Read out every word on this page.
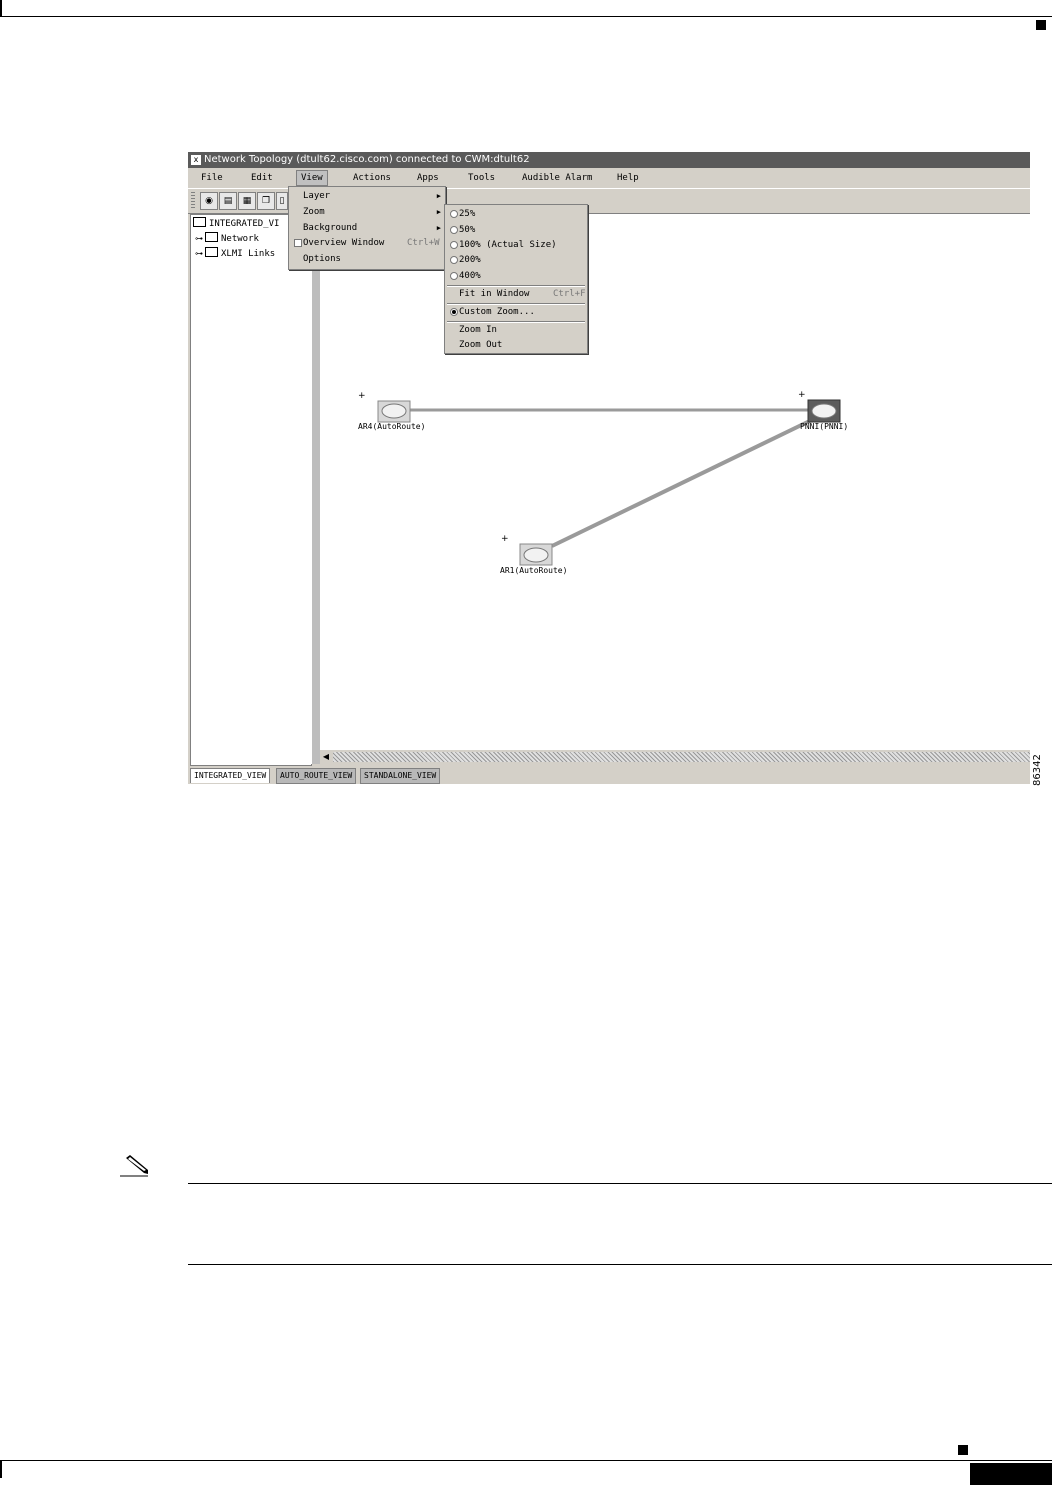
x Network Topology (dtult62.cisco.com) connected to CWM:dtult62
File	Edit	View	Actions	Apps	Tools	Audible Alarm	Help
◉	▤	▦	❐	▯
INTEGRATED_VI
⊶ Network
⊶ XLMI Links
+	+
+
AR4(AutoRoute)	PNNI(PNNI)
AR1(AutoRoute)
◀
INTEGRATED_VIEW	AUTO_ROUTE_VIEW	STANDALONE_VIEW
Layer	▶
Zoom	▶
Background	▶
Overview Window	Ctrl+W
Options
25%
50%
100% (Actual Size)
200%
400%
Fit in Window	Ctrl+F
Custom Zoom...
Zoom In
Zoom Out
86342
